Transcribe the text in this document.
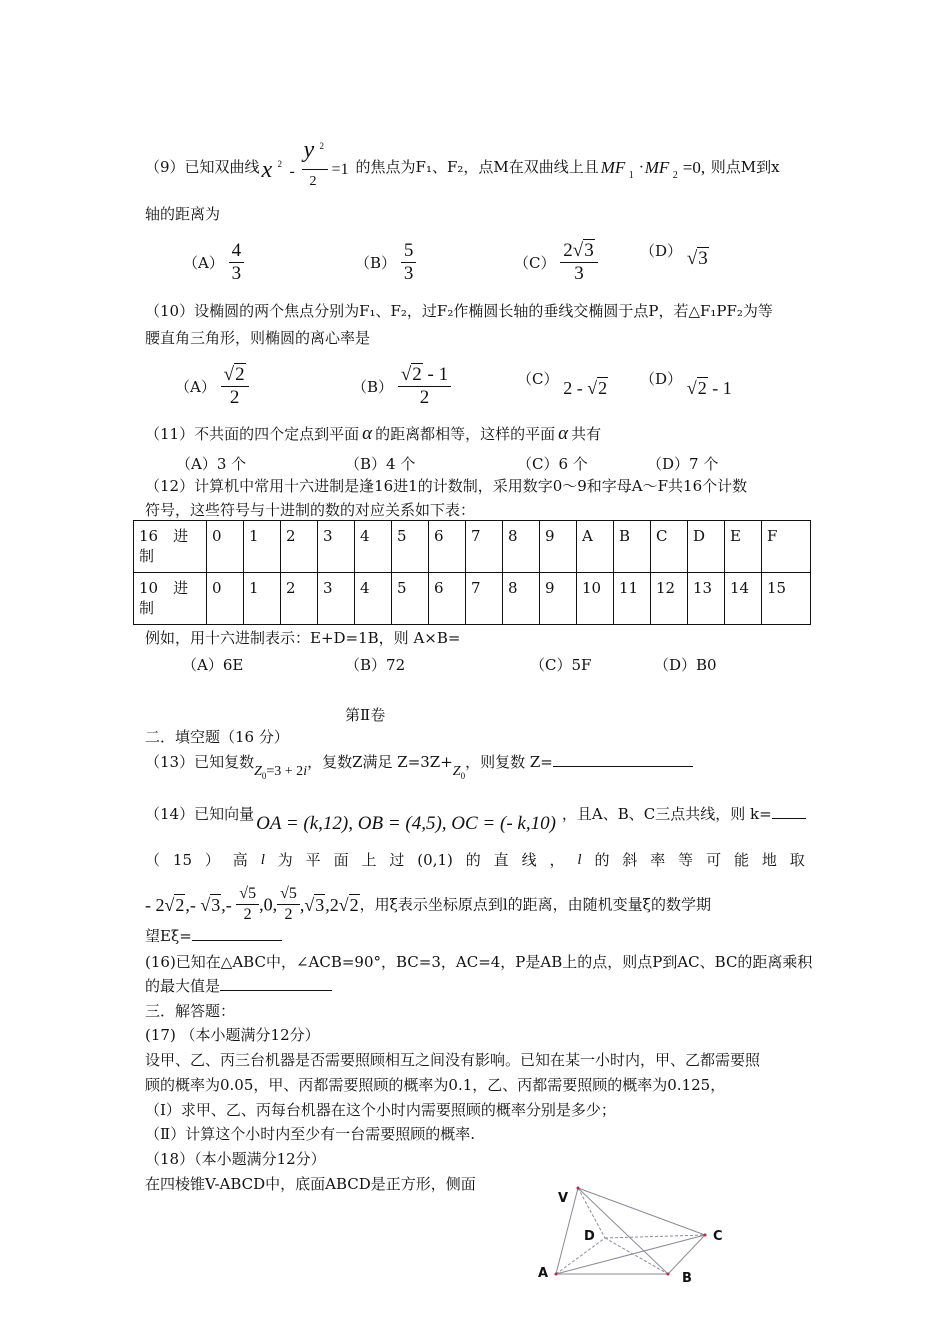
（9）已知双曲线 x 2 -
y 2
2
=1 的焦点为F₁、F₂，点M在双曲线上且 MF 1 · MF 2 =0, 则点M到x
轴的距离为
$(A) \frac{4}{3}$	$(B) \frac{5}{3}$	$(C) \frac{2√3}{3}$	（D） √3
（10）设椭圆的两个焦点分别为F₁、F₂，过F₂作椭圆长轴的垂线交椭圆于点P，若△F₁PF₂为等
腰直角三角形，则椭圆的离心率是
$(A) \frac{√2}{2}$	$(B) \frac{√2 - 1}{2}$	（C） 2 - √2 （D） √2 - 1
（11）不共面的四个定点到平面 α 的距离都相等，这样的平面 α 共有
（A）3 个	（B）4 个	（C）6 个	（D）7 个
（12）计算机中常用十六进制是逢16进1的计数制，采用数字0～9和字母A～F共16个计数
符号，这些符号与十进制的数的对应关系如下表：
16　进
制	0	1	2	3	4	5	6	7	8	9	A	B	C	D	E	F

10　进
制	0	1	2	3	4	5	6	7	8	9	10	11	12	13	14	15
例如，用十六进制表示：E+D=1B，则 A×B=
（A）6E	（B）72	（C）5F	（D）B0
第Ⅱ卷
二．填空题（16 分）
（13）已知复数$Z_0=3 + 2i$，复数Z满足 $Z=3Z+Z_0$，则复数 Z=
（14）已知向量 OA = (k,12), OB = (4,5), OC = (- k,10) ，且A、B、C三点共线，则 k=
（ 15 ） 高 l 为 平 面 上 过 (0,1) 的 直 线 ， l 的 斜 率 等 可 能 地 取
- 2√2,- $√3,- \frac{√5}{2} ,0$, $\frac{√5}{2} ,√3,2√2$，用ξ表示坐标原点到l的距离，由随机变量ξ的数学期
望Eξ=
(16)已知在△ABC中，∠ACB=90°，BC=3，AC=4，P是AB上的点，则点P到AC、BC的距离乘积
的最大值是
三．解答题：
(17) （本小题满分12分）
设甲、乙、丙三台机器是否需要照顾相互之间没有影响。已知在某一小时内，甲、乙都需要照
顾的概率为0.05，甲、丙都需要照顾的概率为0.1，乙、丙都需要照顾的概率为0.125，
（Ⅰ）求甲、乙、丙每台机器在这个小时内需要照顾的概率分别是多少；
（Ⅱ）计算这个小时内至少有一台需要照顾的概率.
（18）（本小题满分12分）
在四棱锥V-ABCD中，底面ABCD是正方形，侧面
V
D	C
A	B
